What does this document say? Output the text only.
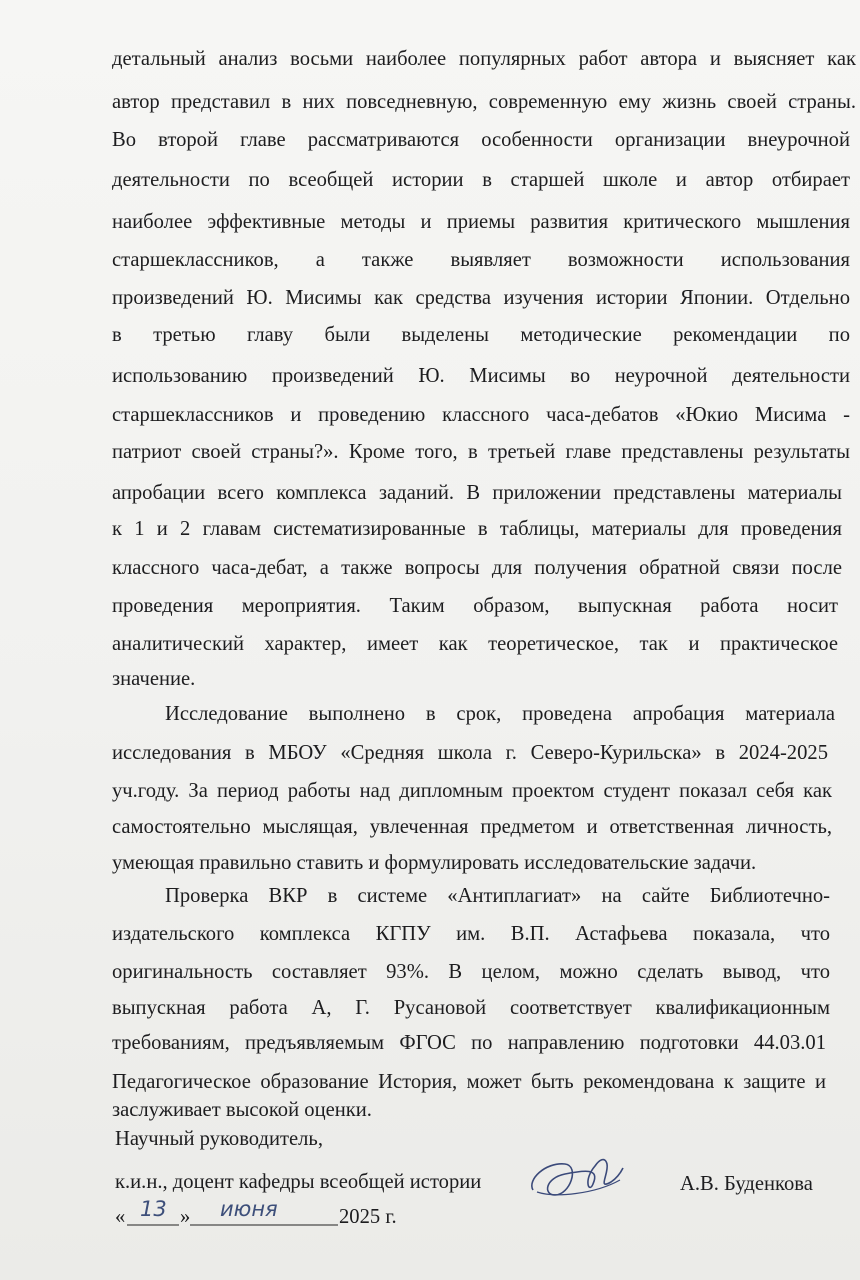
детальный анализ восьми наиболее популярных работ автора и выясняет как
автор представил в них повседневную, современную ему жизнь своей страны.
Во второй главе рассматриваются особенности организации внеурочной
деятельности по всеобщей истории в старшей школе и автор отбирает
наиболее эффективные методы и приемы развития критического мышления
старшеклассников, а также выявляет возможности использования
произведений Ю. Мисимы как средства изучения истории Японии. Отдельно
в третью главу были выделены методические рекомендации по
использованию произведений Ю. Мисимы во неурочной деятельности
старшеклассников и проведению классного часа-дебатов «Юкио Мисима -
патриот своей страны?». Кроме того, в третьей главе представлены результаты
апробации всего комплекса заданий. В приложении представлены материалы
к 1 и 2 главам систематизированные в таблицы, материалы для проведения
классного часа-дебат, а также вопросы для получения обратной связи после
проведения мероприятия. Таким образом, выпускная работа носит
аналитический характер, имеет как теоретическое, так и практическое
значение.
Исследование выполнено в срок, проведена апробация материала
исследования в МБОУ «Средняя школа г. Северо-Курильска» в 2024-2025
уч.году. За период работы над дипломным проектом студент показал себя как
самостоятельно мыслящая, увлеченная предметом и ответственная личность,
умеющая правильно ставить и формулировать исследовательские задачи.
Проверка ВКР в системе «Антиплагиат» на сайте Библиотечно-
издательского комплекса КГПУ им. В.П. Астафьева показала, что
оригинальность составляет 93%. В целом, можно сделать вывод, что
выпускная работа А, Г. Русановой соответствует квалификационным
требованиям, предъявляемым ФГОС по направлению подготовки 44.03.01
Педагогическое образование История, может быть рекомендована к защите и
заслуживает высокой оценки.
Научный руководитель,
к.и.н., доцент кафедры всеобщей истории	А.В. Буденкова
« 13 » июня	2025 г.
